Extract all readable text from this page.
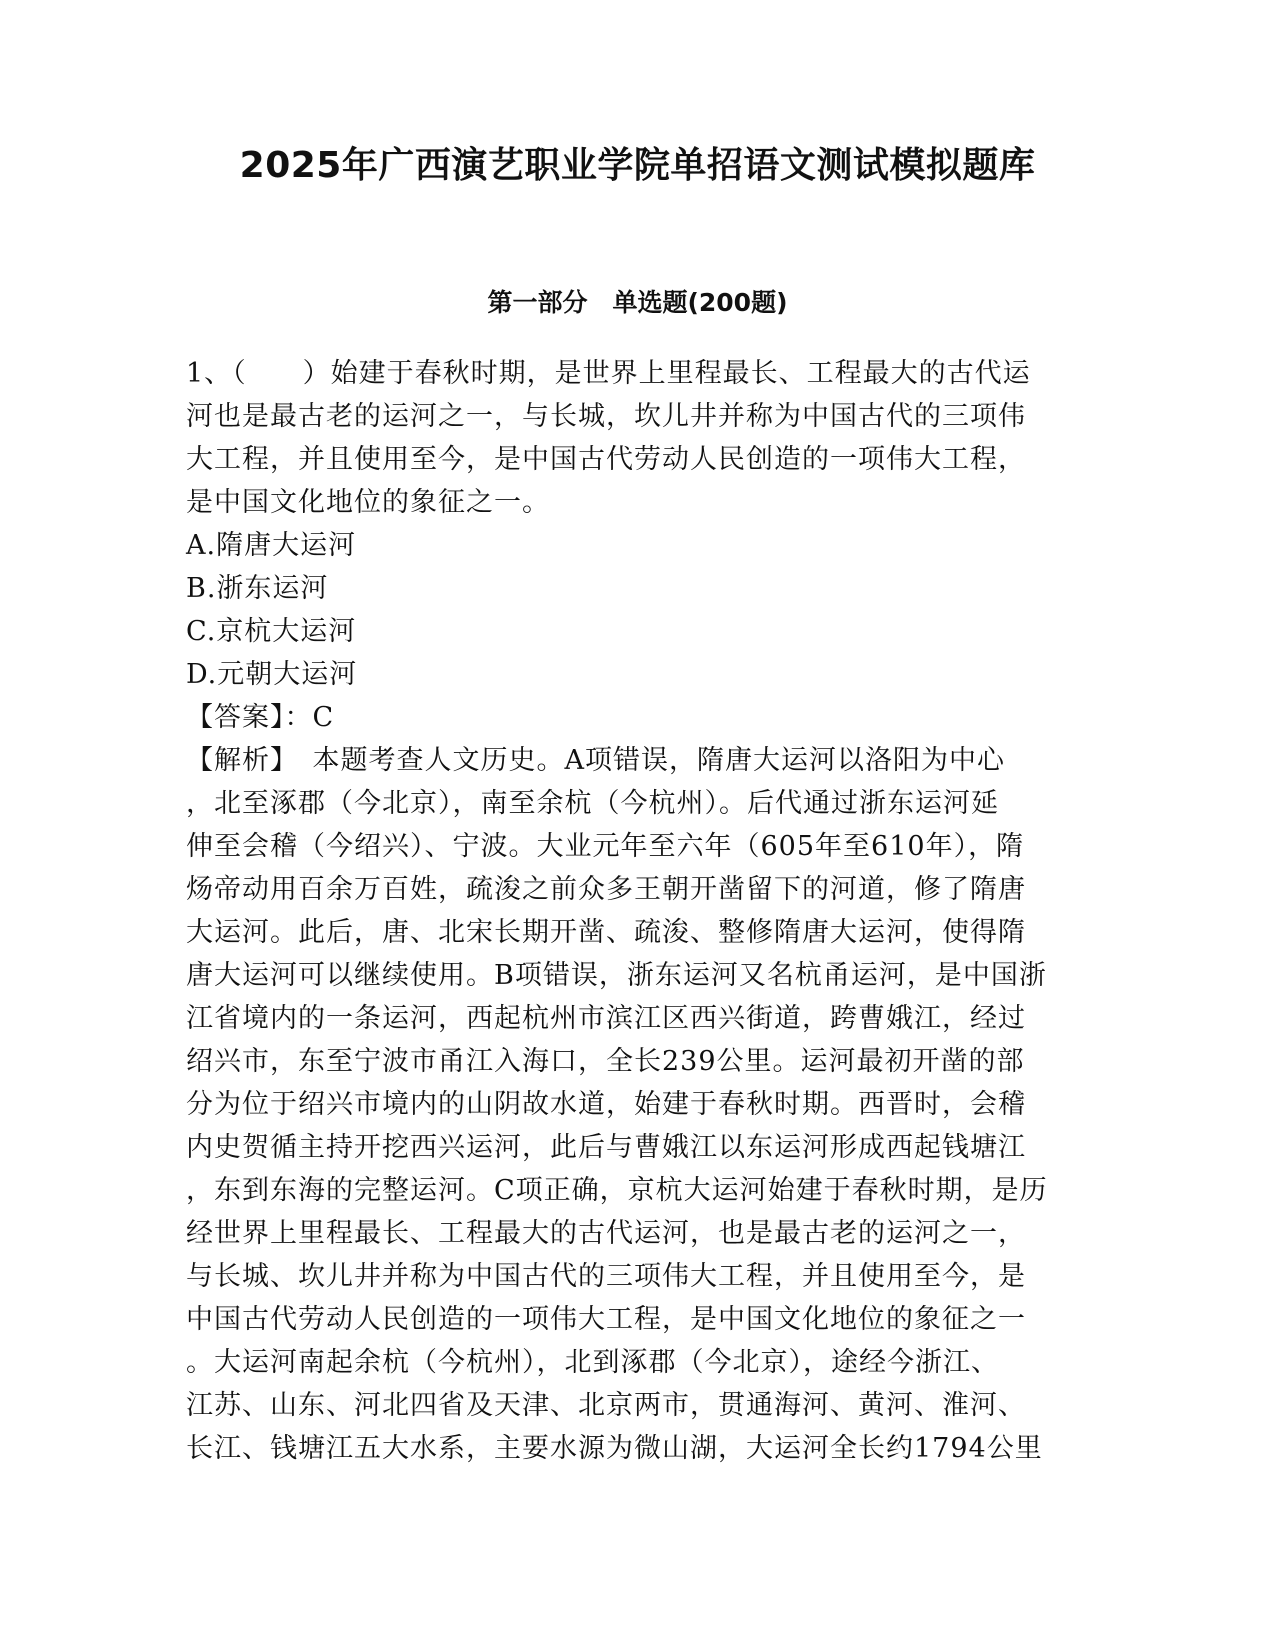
2025年广西演艺职业学院单招语文测试模拟题库
第一部分　单选题(200题)
1、（　　）始建于春秋时期，是世界上里程最长、工程最大的古代运
河也是最古老的运河之一，与长城，坎儿井并称为中国古代的三项伟
大工程，并且使用至今，是中国古代劳动人民创造的一项伟大工程，
是中国文化地位的象征之一。
A.隋唐大运河
B.浙东运河
C.京杭大运河
D.元朝大运河
【答案】：C
【解析】　本题考查人文历史。A项错误，隋唐大运河以洛阳为中心
，北至涿郡（今北京），南至余杭（今杭州）。后代通过浙东运河延
伸至会稽（今绍兴）、宁波。大业元年至六年（605年至610年），隋
炀帝动用百余万百姓，疏浚之前众多王朝开凿留下的河道，修了隋唐
大运河。此后，唐、北宋长期开凿、疏浚、整修隋唐大运河，使得隋
唐大运河可以继续使用。B项错误，浙东运河又名杭甬运河，是中国浙
江省境内的一条运河，西起杭州市滨江区西兴街道，跨曹娥江，经过
绍兴市，东至宁波市甬江入海口，全长239公里。运河最初开凿的部
分为位于绍兴市境内的山阴故水道，始建于春秋时期。西晋时，会稽
内史贺循主持开挖西兴运河，此后与曹娥江以东运河形成西起钱塘江
，东到东海的完整运河。C项正确，京杭大运河始建于春秋时期，是历
经世界上里程最长、工程最大的古代运河，也是最古老的运河之一，
与长城、坎儿井并称为中国古代的三项伟大工程，并且使用至今，是
中国古代劳动人民创造的一项伟大工程，是中国文化地位的象征之一
。大运河南起余杭（今杭州），北到涿郡（今北京），途经今浙江、
江苏、山东、河北四省及天津、北京两市，贯通海河、黄河、淮河、
长江、钱塘江五大水系，主要水源为微山湖，大运河全长约1794公里
